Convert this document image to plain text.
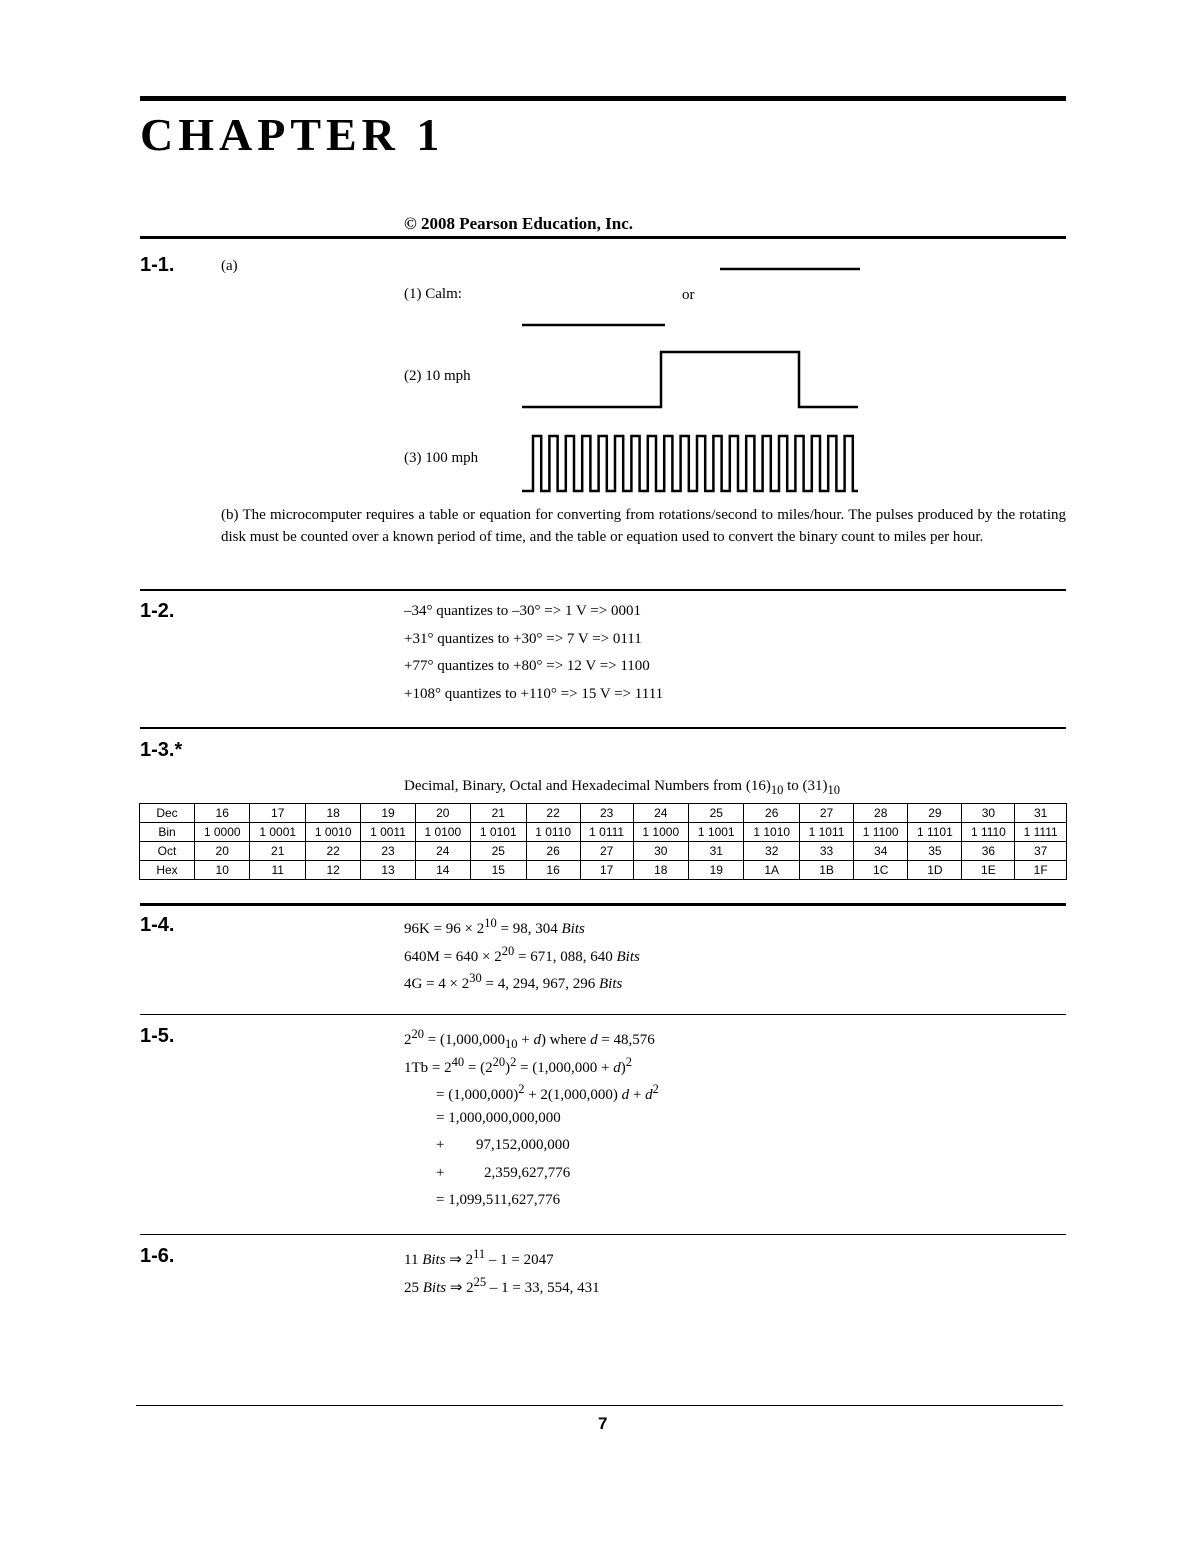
CHAPTER 1
© 2008 Pearson Education, Inc.
1-1.	(a)
(1) Calm:	or
(2) 10 mph
(3) 100 mph
(b) The microcomputer requires a table or equation for converting from rotations/second to miles/hour. The pulses produced by the rotating disk must be counted over a known period of time, and the table or equation used to convert the binary count to miles per hour.
1-2.	–34° quantizes to –30° => 1 V => 0001
+31° quantizes to +30° => 7 V => 0111
+77° quantizes to +80° => 12 V => 1100
+108° quantizes to +110° => 15 V => 1111
1-3.*
Decimal, Binary, Octal and Hexadecimal Numbers from $(16)_{10}$ to $(31)_{10}$
Dec	16	17	18	19	20	21	22	23	24	25	26	27	28	29	30	31
Bin	1 0000	1 0001	1 0010	1 0011	1 0100	1 0101	1 0110	1 0111	1 1000	1 1001	1 1010	1 1011	1 1100	1 1101	1 1110	1 1111
Oct	20	21	22	23	24	25	26	27	30	31	32	33	34	35	36	37
Hex	10	11	12	13	14	15	16	17	18	19	1A	1B	1C	1D	1E	1F
1-4.	$96K = 96 \times 2^{10} = 98$, 304 Bits
$640M = 640 \times 2^{20} = 671$, 088, 640 Bits
$4G = 4 \times 2^{30} = 4$, 294, 967, 296 Bits
1-5.	$2^{20} = (1,000,000_{10} + d)$ where d = 48,576
$1Tb = 2^{40} = (2^{20})^2 = (1,000,000 + d)^2$
= $(1,000,000)^2 + 2(1,000,000) d + d^2$
= 1,000,000,000,000
+ 97,152,000,000
+	2,359,627,776
= 1,099,511,627,776
1-6.	11 Bits ⇒ $2^{11} - 1 = 2047$
25 Bits ⇒ $2^{25} - 1 = 33$, 554, 431
7
